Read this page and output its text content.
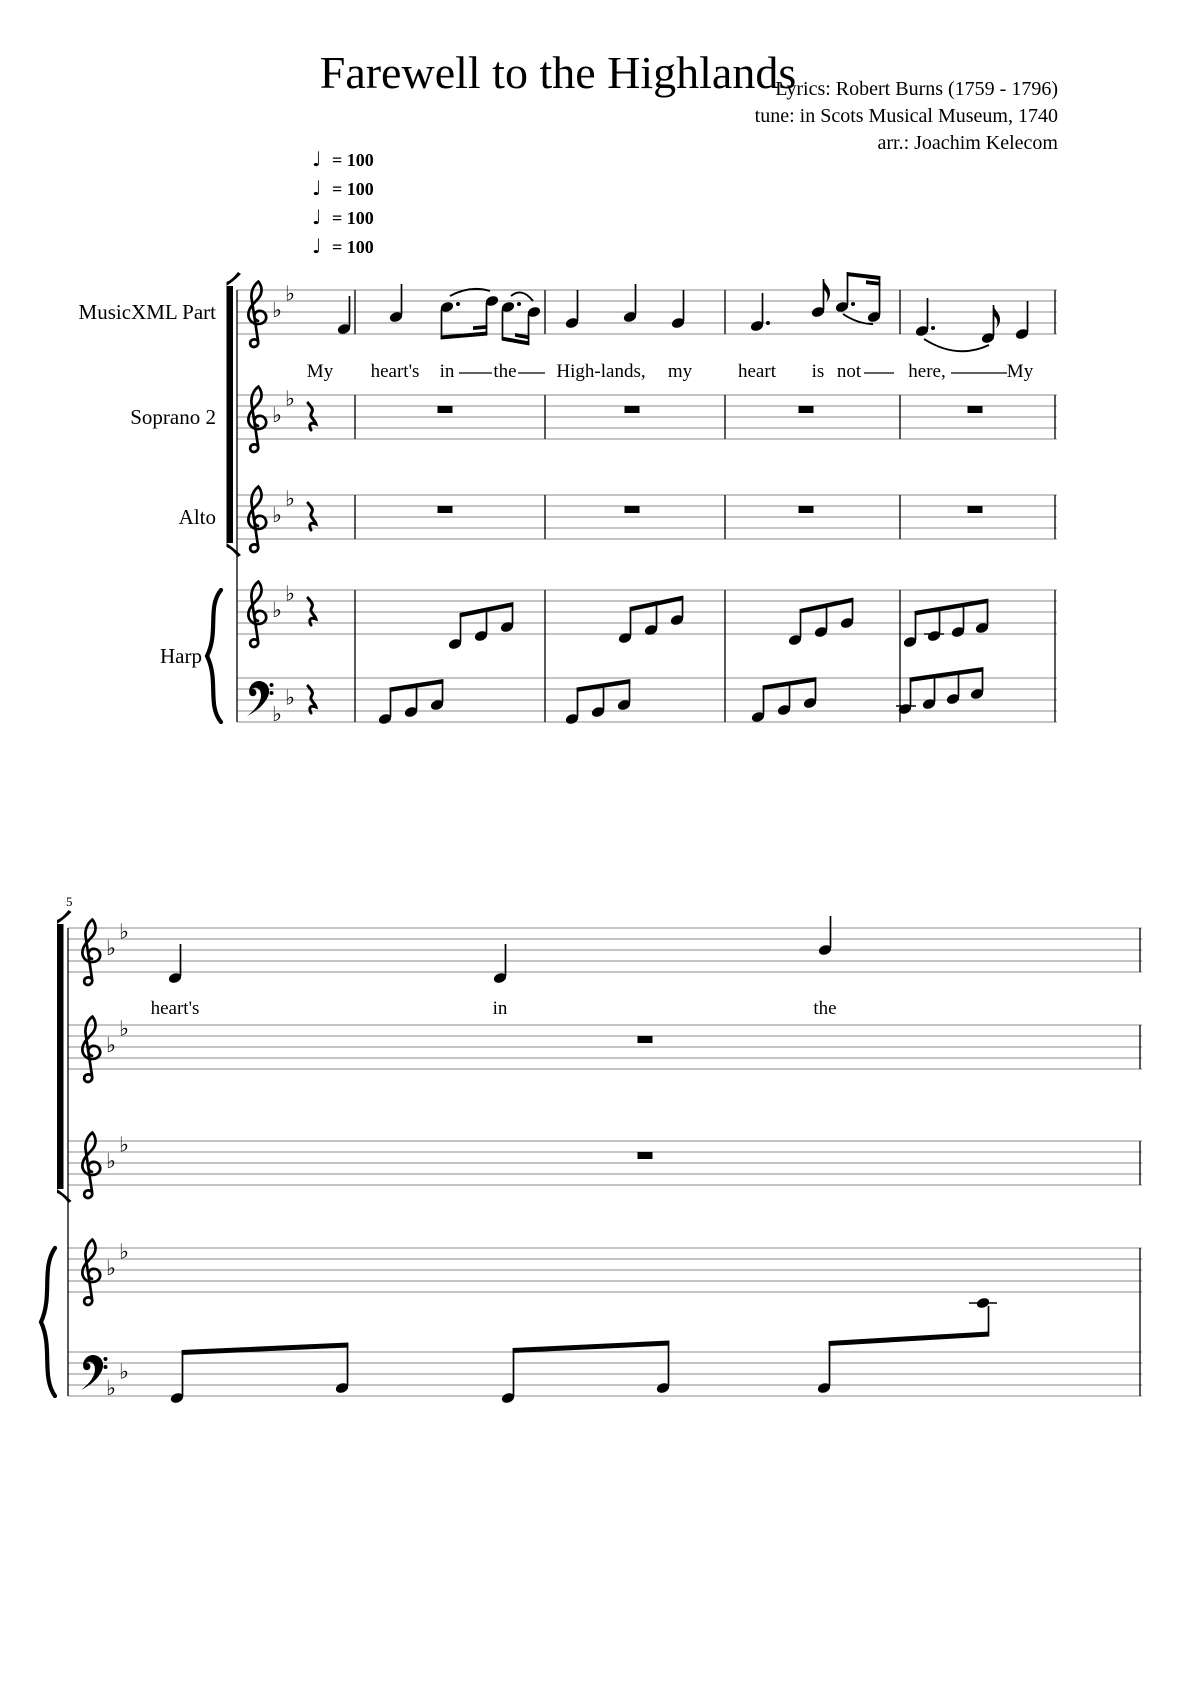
Farewell to the Highlands
Lyrics: Robert Burns (1759 - 1796)
tune: in Scots Musical Museum, 1740
arr.: Joachim Kelecom
♩ = 100
♩ = 100
♩ = 100
♩ = 100
MusicXML Part
Soprano 2
Alto
Harp
♭
♭
♭
♭
♭
♭
♭
♭
♭
♭
My heart's in the High-lands, my heart is not here,	My
5
♭
♭
♭
♭
♭
♭
♭
♭
♭
♭
heart's	in	the
